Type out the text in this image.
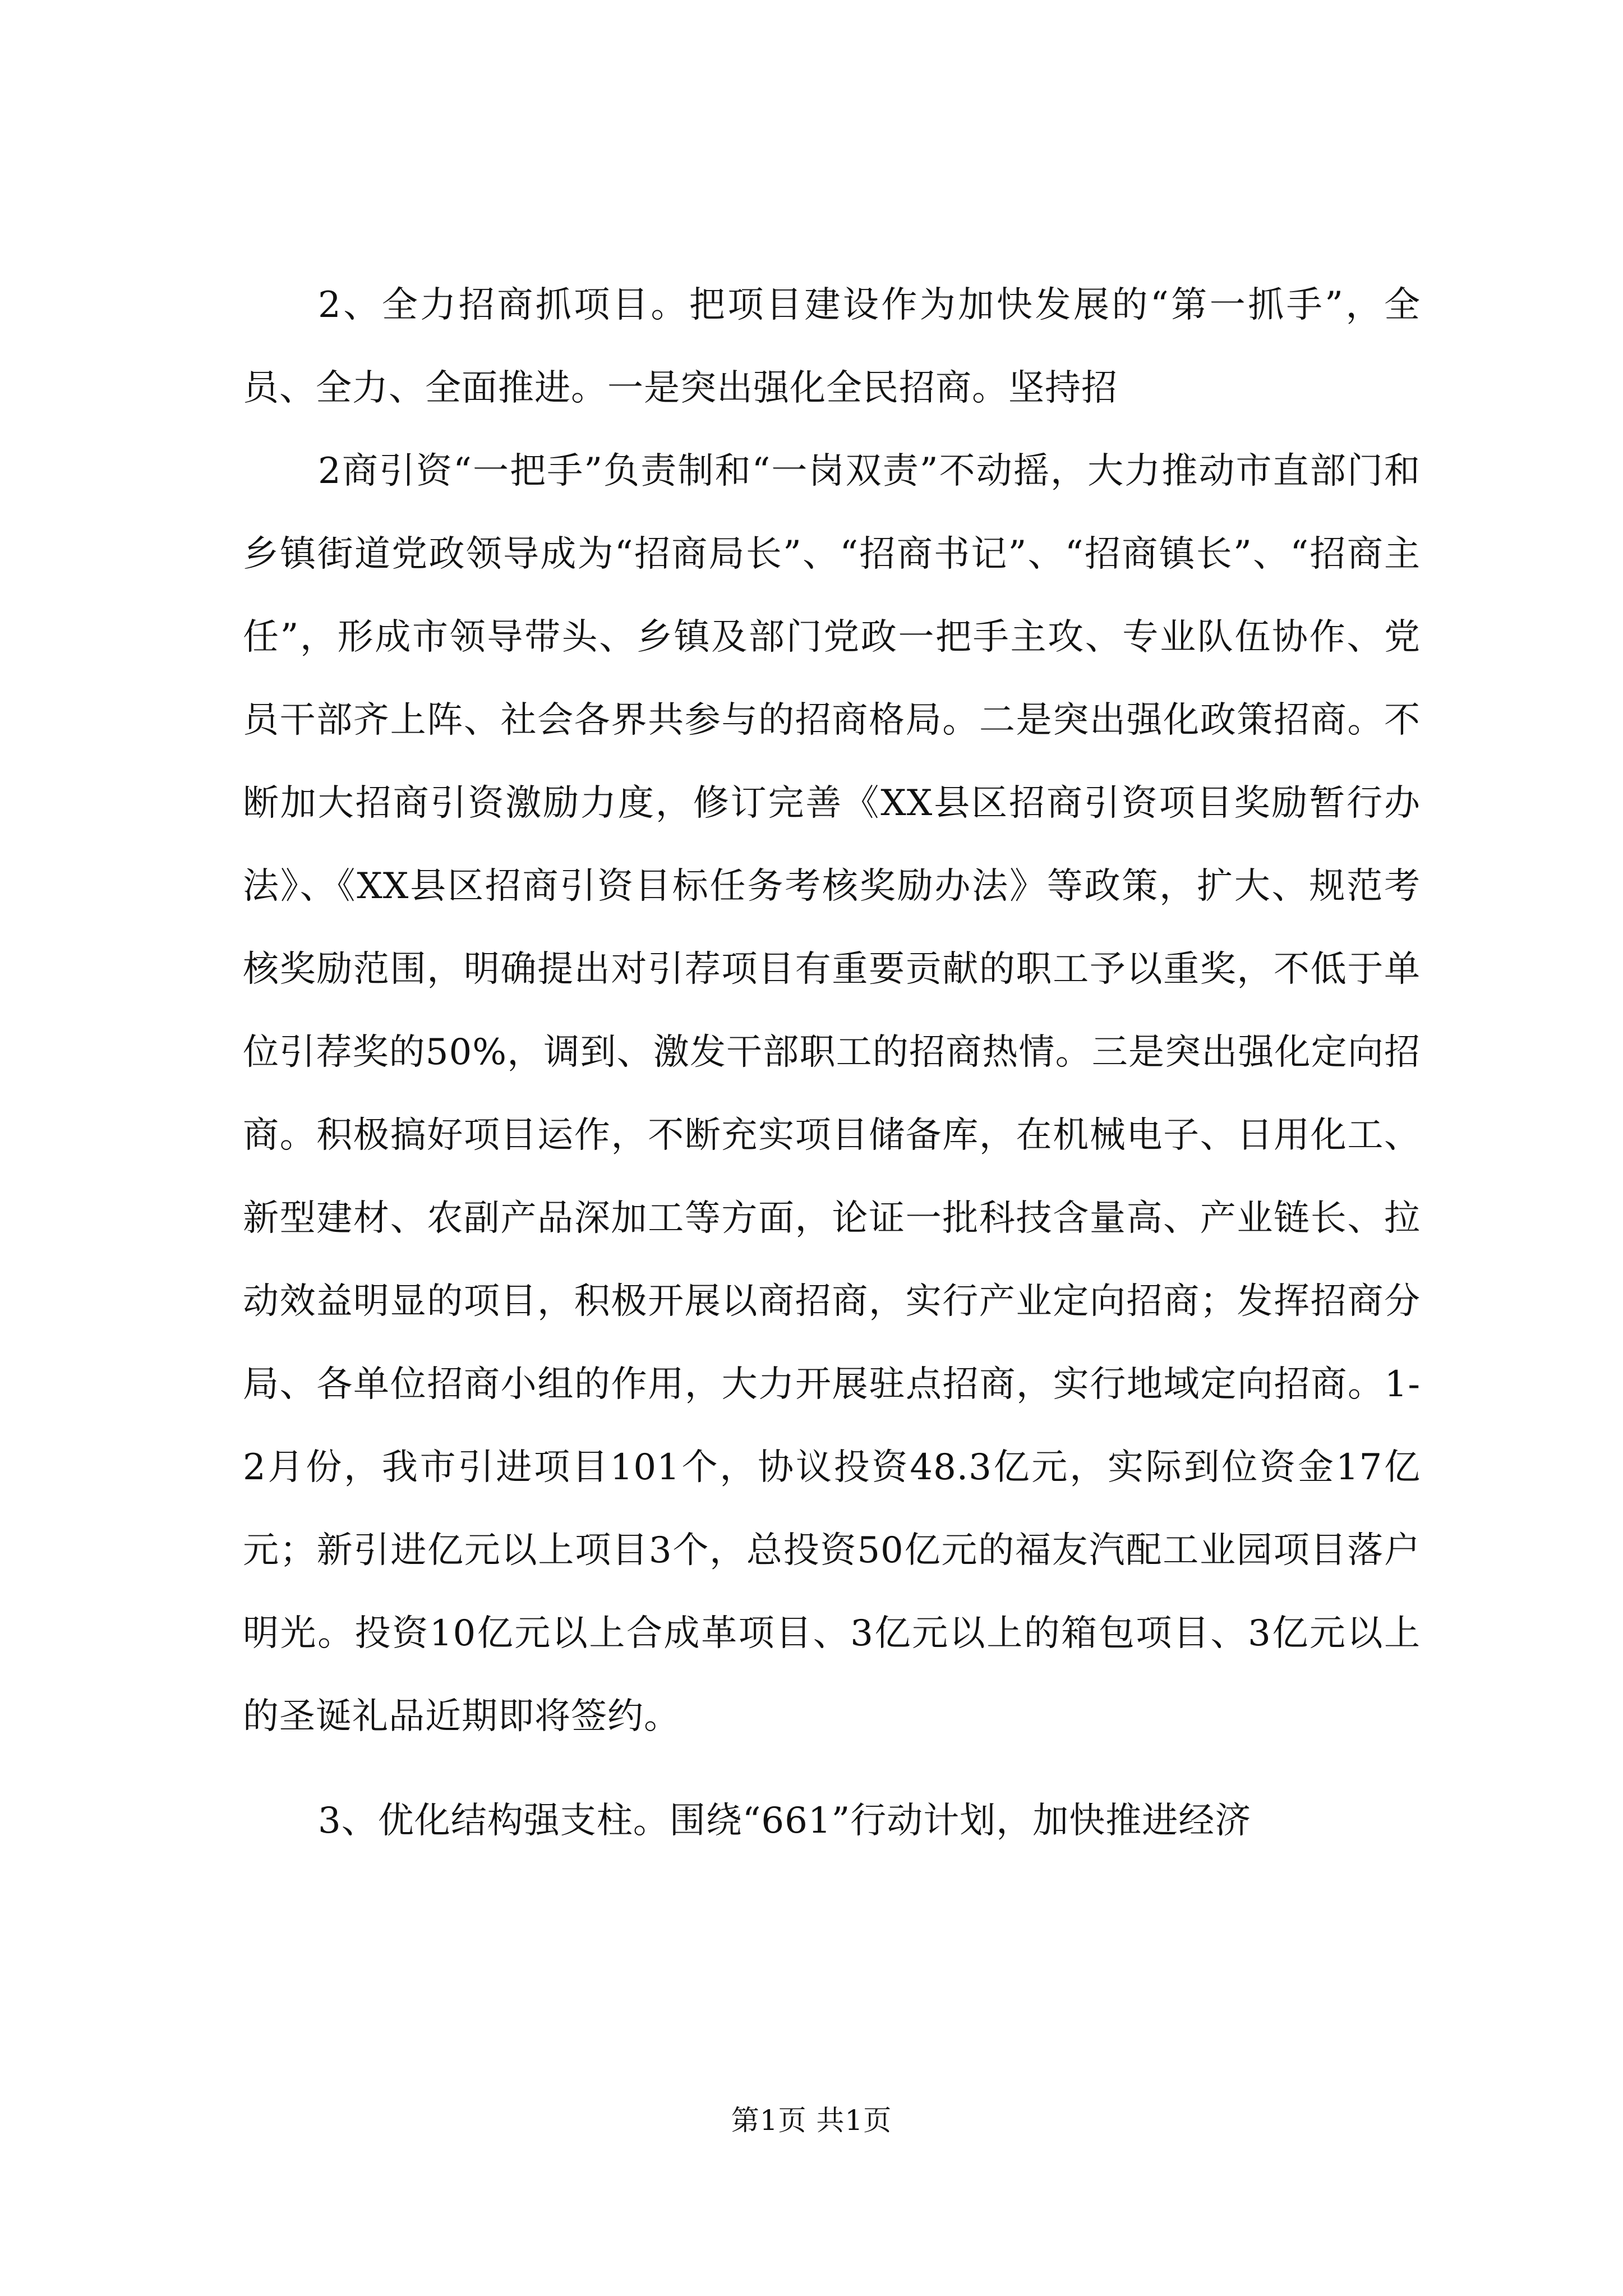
2、全力招商抓项目。把项目建设作为加快发展的“第一抓手”，全员、全力、全面推进。一是突出强化全民招商。坚持招

2商引资“一把手”负责制和“一岗双责”不动摇，大力推动市直部门和乡镇街道党政领导成为“招商局长”、“招商书记”、“招商镇长”、“招商主任”，形成市领导带头、乡镇及部门党政一把手主攻、专业队伍协作、党员干部齐上阵、社会各界共参与的招商格局。二是突出强化政策招商。不断加大招商引资激励力度，修订完善《XX县区招商引资项目奖励暂行办法》、《XX县区招商引资目标任务考核奖励办法》等政策，扩大、规范考核奖励范围，明确提出对引荐项目有重要贡献的职工予以重奖，不低于单位引荐奖的50%，调到、激发干部职工的招商热情。三是突出强化定向招商。积极搞好项目运作，不断充实项目储备库，在机械电子、日用化工、新型建材、农副产品深加工等方面，论证一批科技含量高、产业链长、拉动效益明显的项目，积极开展以商招商，实行产业定向招商；发挥招商分局、各单位招商小组的作用，大力开展驻点招商，实行地域定向招商。1-2月份，我市引进项目101个，协议投资48.3亿元，实际到位资金17亿元；新引进亿元以上项目3个，总投资50亿元的福友汽配工业园项目落户明光。投资10亿元以上合成革项目、3亿元以上的箱包项目、3亿元以上的圣诞礼品近期即将签约。

3、优化结构强支柱。围绕“661”行动计划，加快推进经济

第1页 共1页
